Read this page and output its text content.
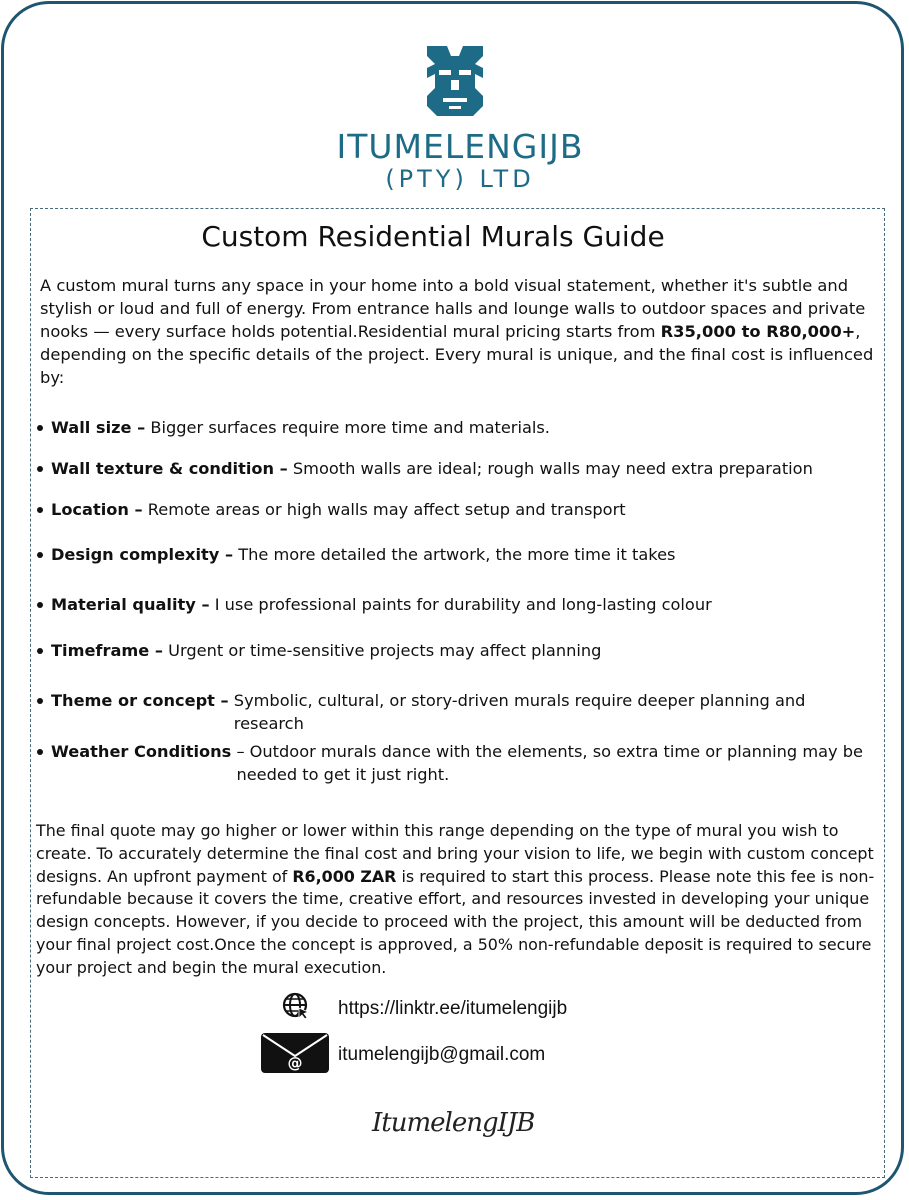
ITUMELENGIJB
(PTY) LTD
Custom Residential Murals Guide
A custom mural turns any space in your home into a bold visual statement, whether it's subtle and stylish or loud and full of energy. From entrance halls and lounge walls to outdoor spaces and private nooks — every surface holds potential.Residential mural pricing starts from R35,000 to R80,000+, depending on the specific details of the project. Every mural is unique, and the final cost is influenced by:
Wall size – Bigger surfaces require more time and materials.
Wall texture & condition – Smooth walls are ideal; rough walls may need extra preparation
Location – Remote areas or high walls may affect setup and transport
Design complexity – The more detailed the artwork, the more time it takes
Material quality – I use professional paints for durability and long-lasting colour
Timeframe – Urgent or time-sensitive projects may affect planning
Theme or concept – Symbolic, cultural, or story-driven murals require deeper planning and research
Weather Conditions – Outdoor murals dance with the elements, so extra time or planning may be needed to get it just right.
The final quote may go higher or lower within this range depending on the type of mural you wish to create. To accurately determine the final cost and bring your vision to life, we begin with custom concept designs. An upfront payment of R6,000 ZAR is required to start this process. Please note this fee is non-refundable because it covers the time, creative effort, and resources invested in developing your unique design concepts. However, if you decide to proceed with the project, this amount will be deducted from your final project cost.Once the concept is approved, a 50% non-refundable deposit is required to secure your project and begin the mural execution.
https://linktr.ee/itumelengijb
@ itumelengijb@gmail.com
ItumelengIJB
